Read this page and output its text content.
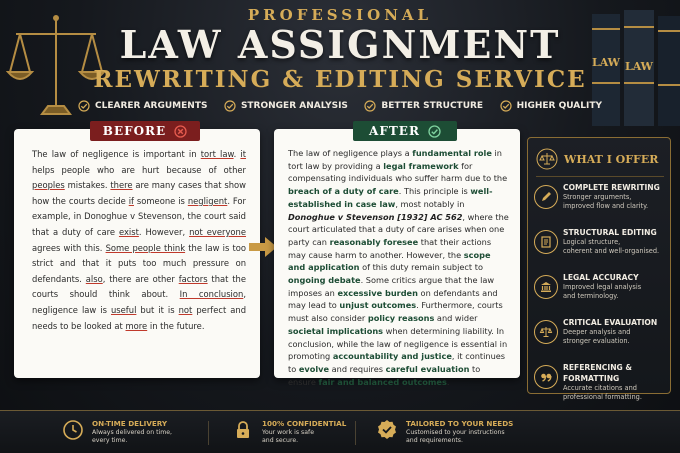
LAW LAW
PROFESSIONAL
LAW ASSIGNMENT
REWRITING & EDITING SERVICE
CLEARER ARGUMENTS	STRONGER ANALYSIS	BETTER STRUCTURE	HIGHER QUALITY
The law of negligence is important in tort law. it helps people who are hurt because of other peoples mistakes. there are many cases that show how the courts decide if someone is negligent. For example, in Donoghue v Stevenson, the court said that a duty of care exist. However, not everyone agrees with this. Some people think the law is too strict and that it puts too much pressure on defendants. also, there are other factors that the courts should think about. In conclusion, negligence law is useful but it is not perfect and needs to be looked at more in the future.
BEFORE
The law of negligence plays a fundamental role in tort law by providing a legal framework for compensating individuals who suffer harm due to the breach of a duty of care. This principle is well-established in case law, most notably in Donoghue v Stevenson [1932] AC 562, where the court articulated that a duty of care arises when one party can reasonably foresee that their actions may cause harm to another. However, the scope and application of this duty remain subject to ongoing debate. Some critics argue that the law imposes an excessive burden on defendants and may lead to unjust outcomes. Furthermore, courts must also consider policy reasons and wider societal implications when determining liability. In conclusion, while the law of negligence is essential in promoting accountability and justice, it continues to evolve and requires careful evaluation to ensure fair and balanced outcomes.
AFTER
WHAT I OFFER
COMPLETE REWRITING
Stronger arguments,
improved flow and clarity.
STRUCTURAL EDITING
Logical structure,
coherent and well-organised.
LEGAL ACCURACY
Improved legal analysis
and terminology.
CRITICAL EVALUATION
Deeper analysis and
stronger evaluation.
REFERENCING & FORMATTING
Accurate citations and
professional formatting.
ON-TIME DELIVERY
Always delivered on time,
every time.
100% CONFIDENTIAL
Your work is safe
and secure.
TAILORED TO YOUR NEEDS
Customised to your instructions
and requirements.
